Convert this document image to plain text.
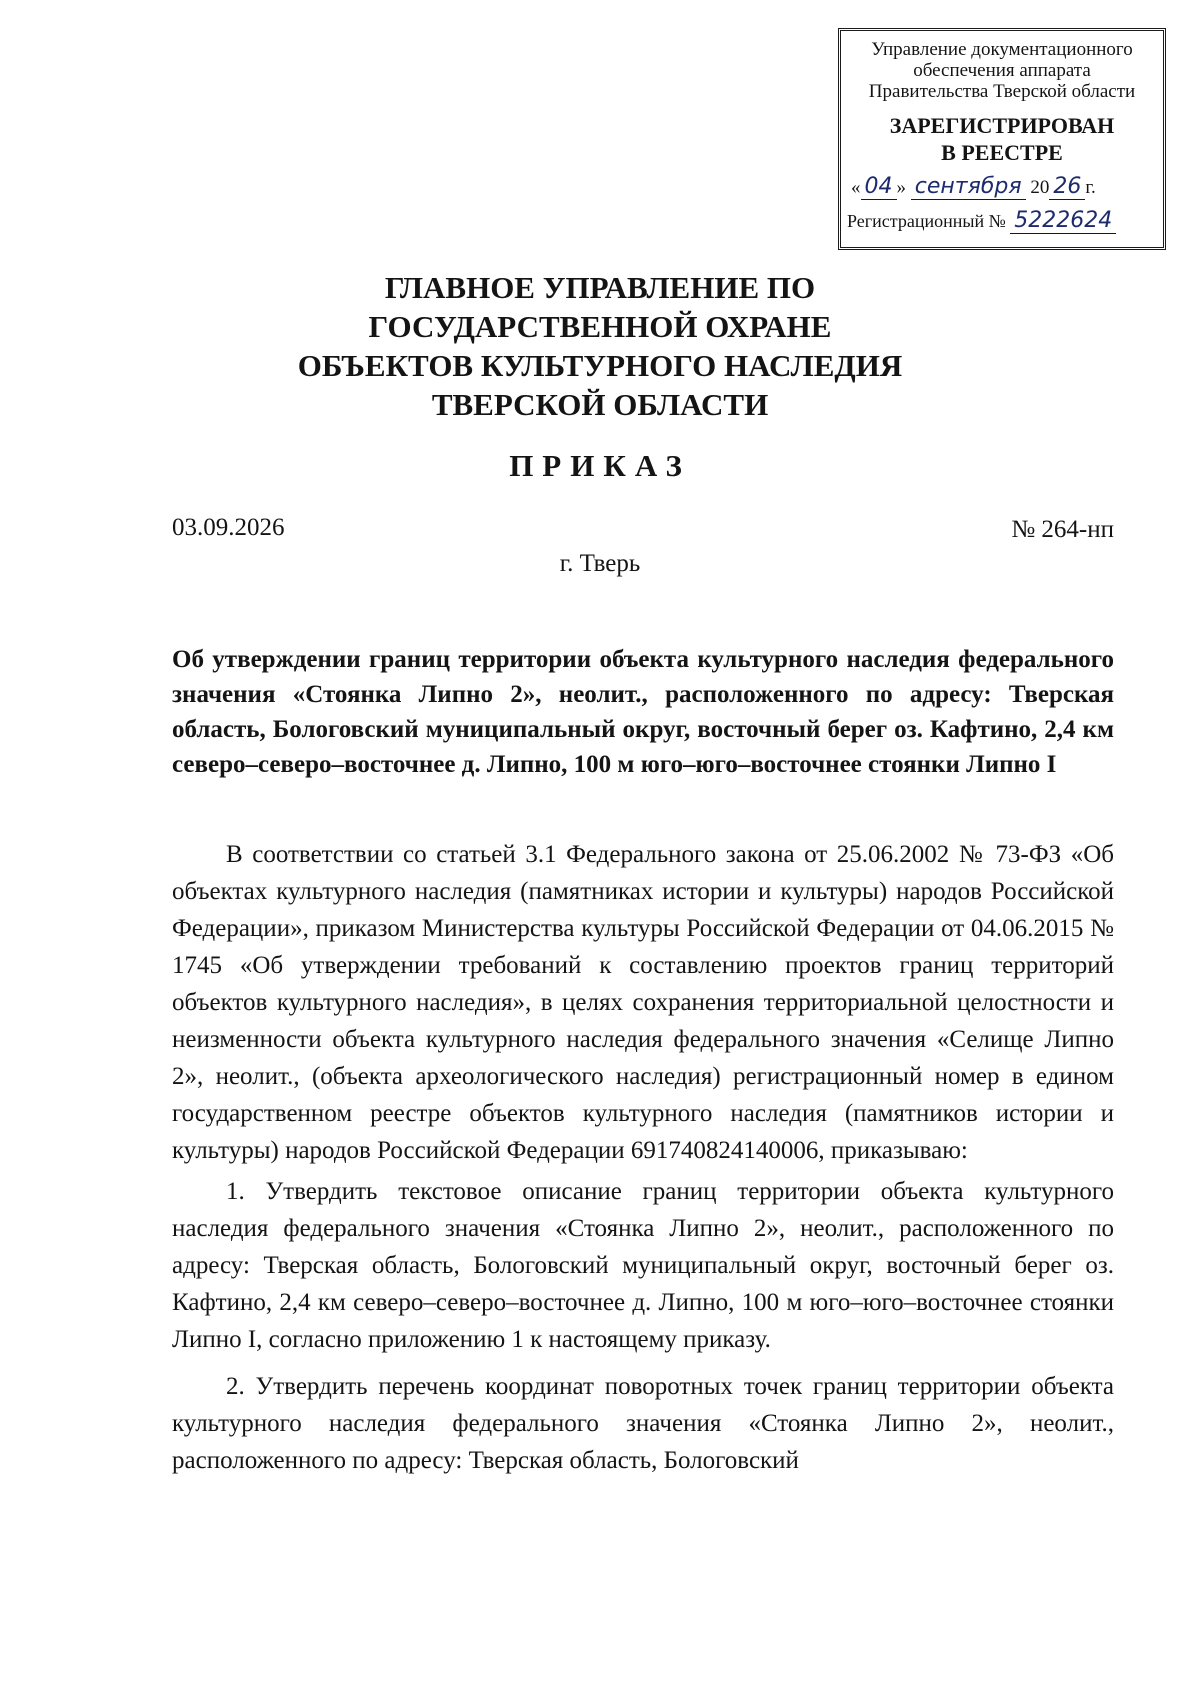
Управление документационного
обеспечения аппарата
Правительства Тверской области
ЗАРЕГИСТРИРОВАН
В РЕЕСТРЕ
« 04 » сентября 20 26 г.
Регистрационный № 5222624
ГЛАВНОЕ УПРАВЛЕНИЕ ПО
ГОСУДАРСТВЕННОЙ ОХРАНЕ
ОБЪЕКТОВ КУЛЬТУРНОГО НАСЛЕДИЯ
ТВЕРСКОЙ ОБЛАСТИ
ПРИКАЗ
03.09.2026	№ 264-нп
г. Тверь
Об утверждении границ территории объекта культурного наследия федерального значения «Стоянка Липно 2», неолит., расположенного по адресу: Тверская область, Бологовский муниципальный округ, восточный берег оз. Кафтино, 2,4 км северо–северо–восточнее д. Липно, 100 м юго–юго–восточнее стоянки Липно I

В соответствии со статьей 3.1 Федерального закона от 25.06.2002 № 73-ФЗ «Об объектах культурного наследия (памятниках истории и культуры) народов Российской Федерации», приказом Министерства культуры Российской Федерации от 04.06.2015 № 1745 «Об утверждении требований к составлению проектов границ территорий объектов культурного наследия», в целях сохранения территориальной целостности и неизменности объекта культурного наследия федерального значения «Селище Липно 2», неолит., (объекта археологического наследия) регистрационный номер в едином государственном реестре объектов культурного наследия (памятников истории и культуры) народов Российской Федерации 691740824140006, приказываю:

1. Утвердить текстовое описание границ территории объекта культурного наследия федерального значения «Стоянка Липно 2», неолит., расположенного по адресу: Тверская область, Бологовский муниципальный округ, восточный берег оз. Кафтино, 2,4 км северо–северо–восточнее д. Липно, 100 м юго–юго–восточнее стоянки Липно I, согласно приложению 1 к настоящему приказу.

2. Утвердить перечень координат поворотных точек границ территории объекта культурного наследия федерального значения «Стоянка Липно 2», неолит., расположенного по адресу: Тверская область, Бологовский
